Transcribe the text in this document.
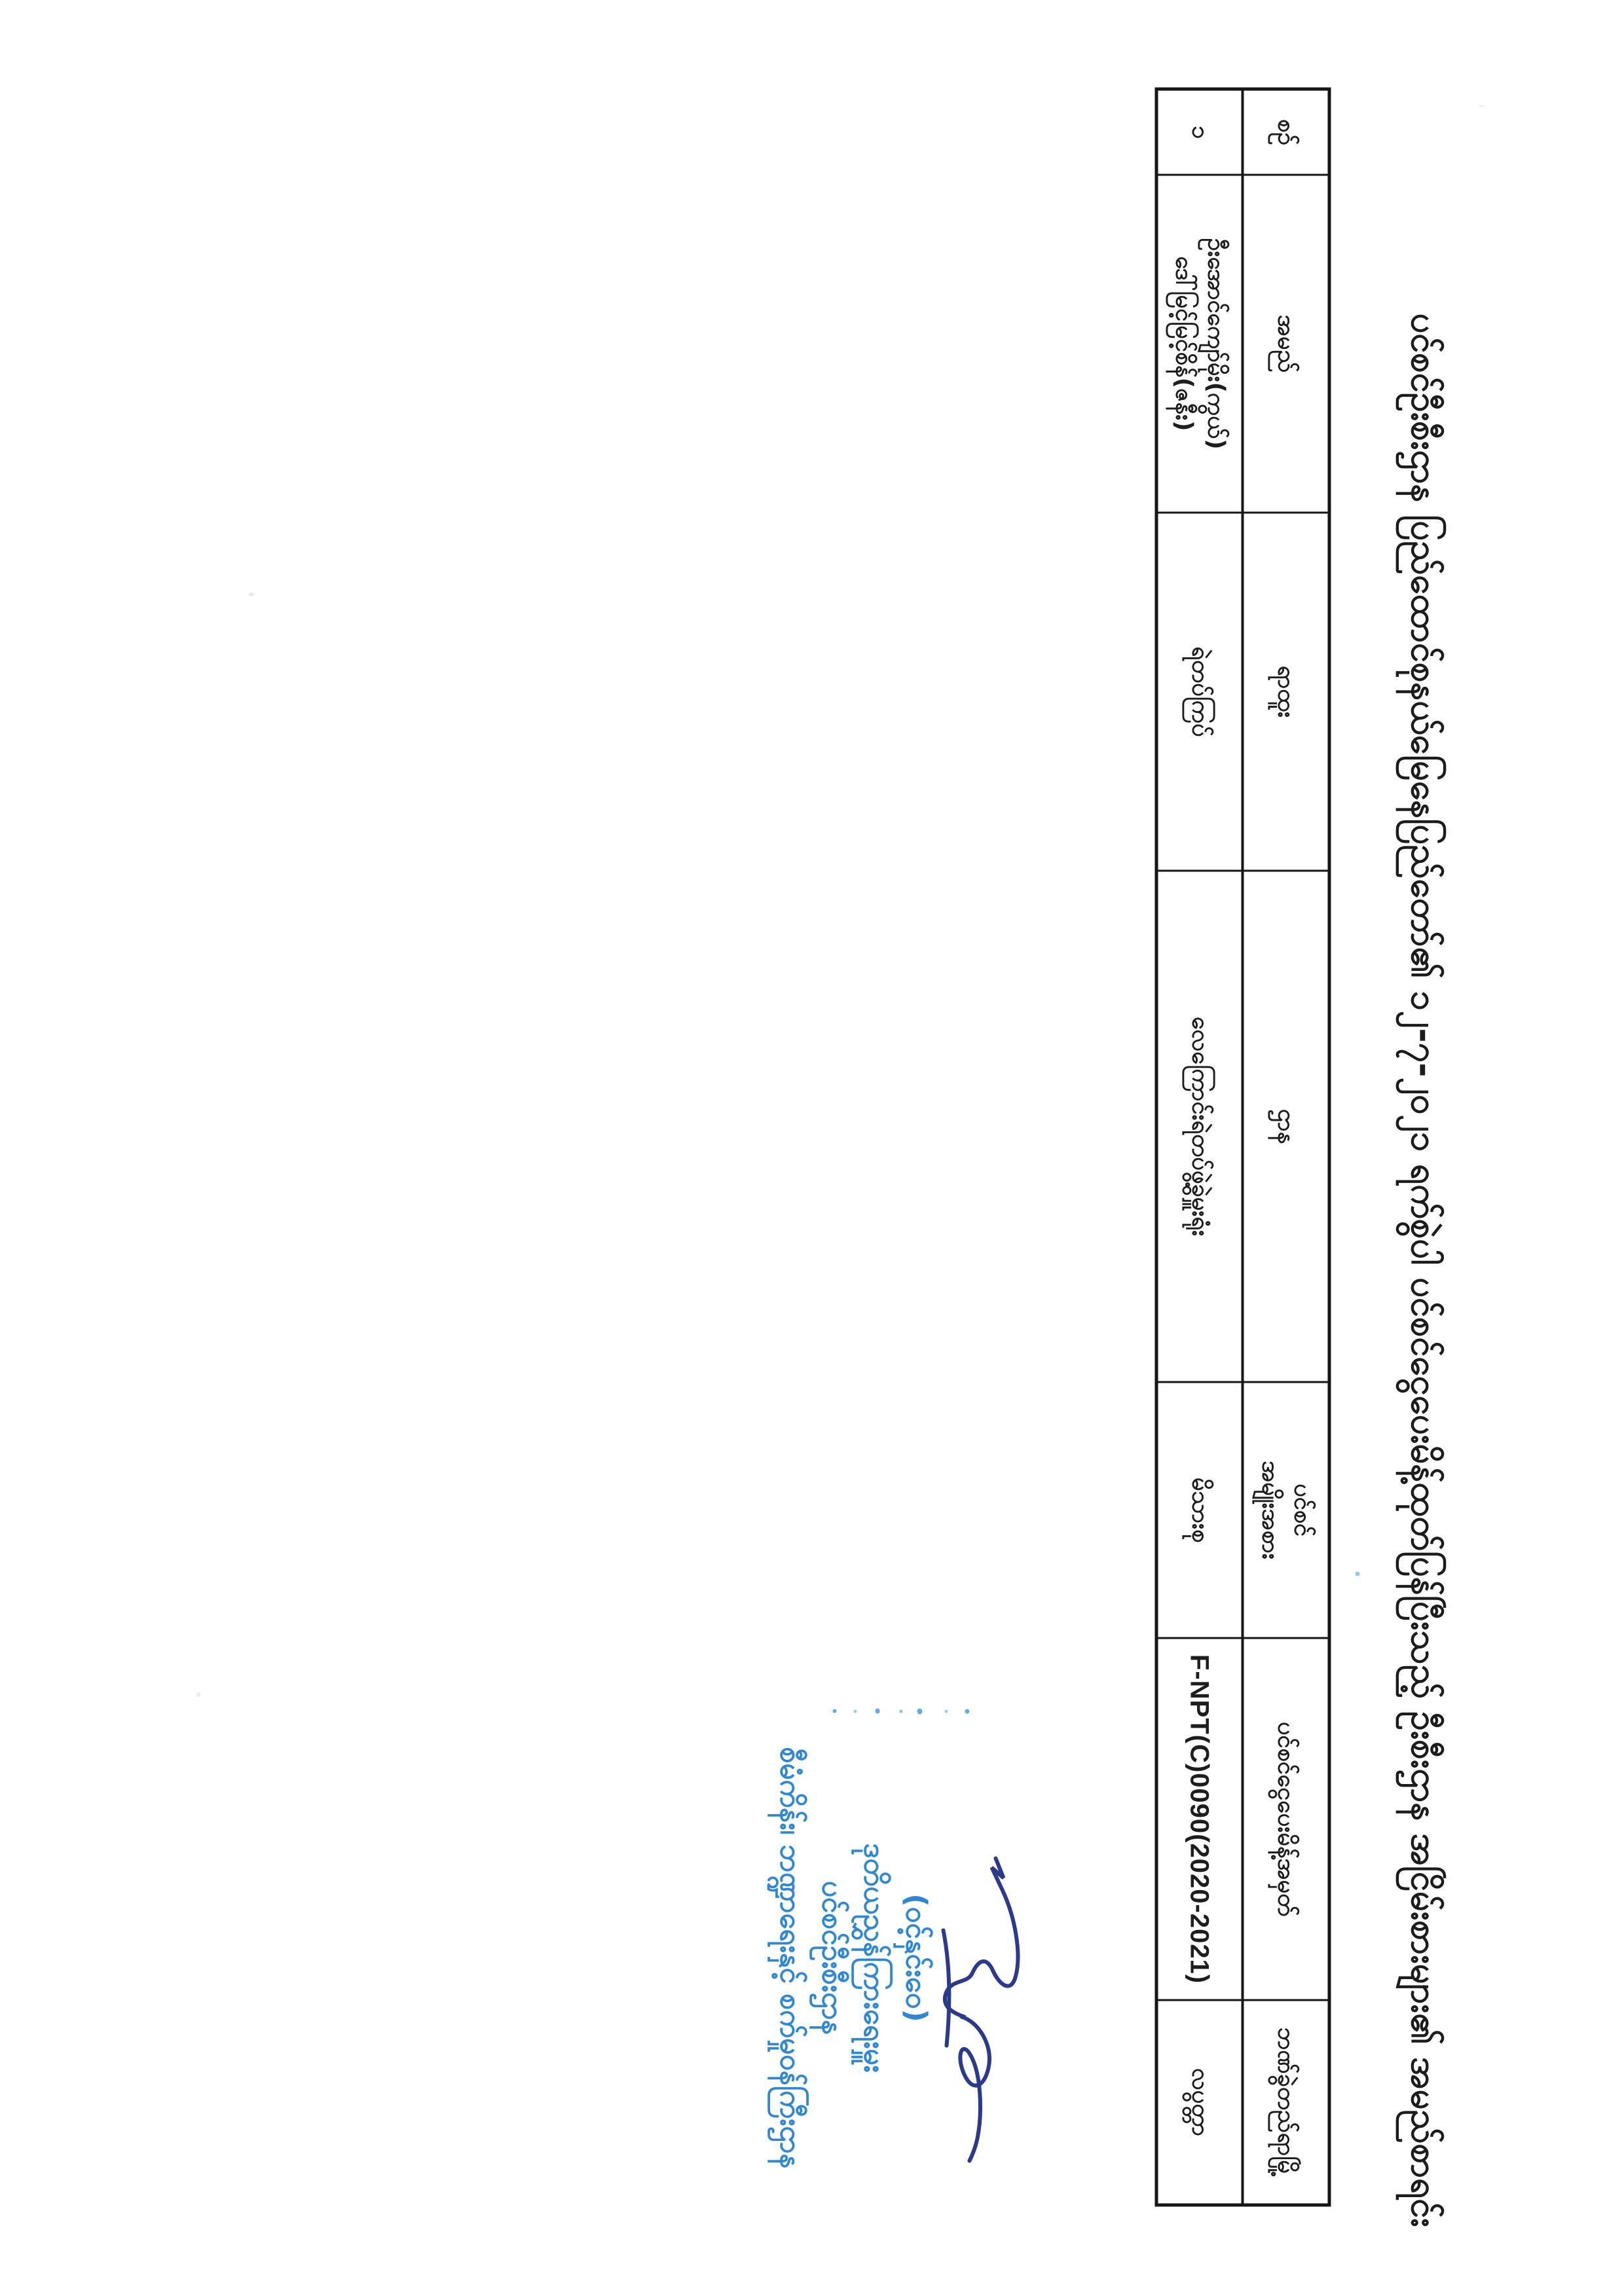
ပင်စင်ဦးစီးဌာန ပြည်ထောင်စုနယ်မြေနေပြည်တော်၏ ၁၂-၇-၂၀၂၁ ရက်စွဲပါ ပင်စင်ငွေပေးမိန့်ထုတ်ပြန်ပြီးသည့် ဦးစီးဌာန အငြိမ်းစားများ၏ အမည်စာရင်း
စဉ်
အမည်
ရာထူး
ဌာန
ပင်စင်
အမျိုးအစား
ပင်စင်ငွေပေးမိန့်အမှတ်
ဘဏ်ခွဲတည်ရာမြို့
၁
ဦးအောင်ကျော်မိုး(ကွယ်)
ဒေါ်မြင့်မြင့်စိန်(ဇနီး)
ရဲတပ်ကြပ်
လေကြောင်းရဲတပ်ဖွဲ့ခွဲမှူးရုံး
မိသားစု
F-NPT(C)0090(2020-2021)
လပွတ္တာ
(ဝင့်နှင်းဝေ)
ဒုတိယညွှန်ကြားရေးမှူး
ပင်စင်ဦးစီးဌာန
စီမံကိန်း၊ ဘဏ္ဍာရေးနှင့် စက်မှုဝန်ကြီးဌာန
